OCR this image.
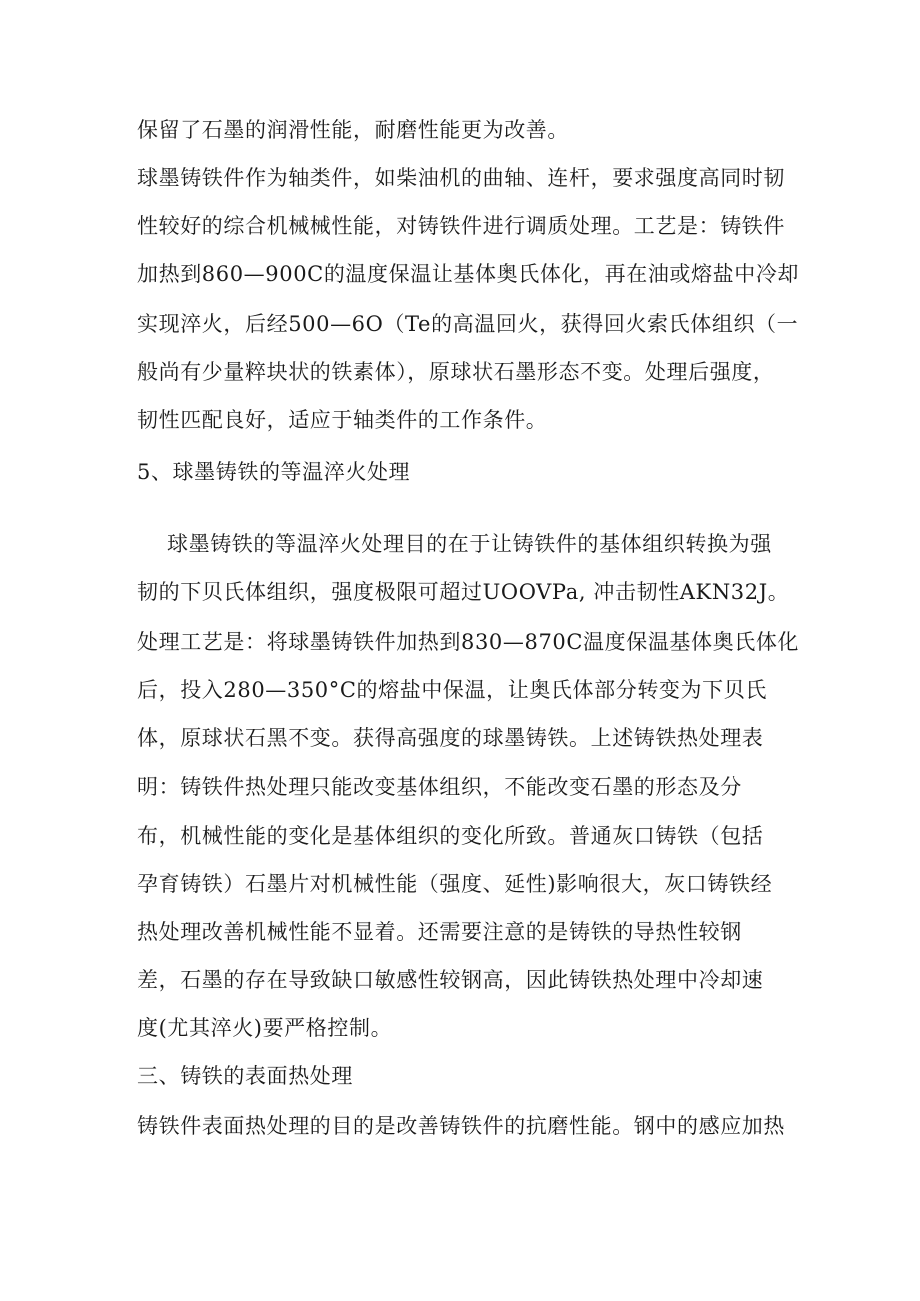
保留了石墨的润滑性能，耐磨性能更为改善。
球墨铸铁件作为轴类件，如柴油机的曲轴、连杆，要求强度高同时韧
性较好的综合机械械性能，对铸铁件进行调质处理。工艺是：铸铁件
加热到860—900C的温度保温让基体奥氏体化，再在油或熔盐中冷却
实现淬火，后经500—6O（Te的高温回火，获得回火索氏体组织（一
般尚有少量粹块状的铁素体），原球状石墨形态不变。处理后强度，
韧性匹配良好，适应于轴类件的工作条件。
5、球墨铸铁的等温淬火处理
球墨铸铁的等温淬火处理目的在于让铸铁件的基体组织转换为强
韧的下贝氏体组织，强度极限可超过UOOVPa, 冲击韧性AKN32J。
处理工艺是：将球墨铸铁件加热到830—870C温度保温基体奥氏体化
后，投入280—350°C的熔盐中保温，让奥氏体部分转变为下贝氏
体，原球状石黑不变。获得高强度的球墨铸铁。上述铸铁热处理表
明：铸铁件热处理只能改变基体组织，不能改变石墨的形态及分
布，机械性能的变化是基体组织的变化所致。普通灰口铸铁（包括
孕育铸铁）石墨片对机械性能（强度、延性)影响很大，灰口铸铁经
热处理改善机械性能不显着。还需要注意的是铸铁的导热性较钢
差，石墨的存在导致缺口敏感性较钢高，因此铸铁热处理中冷却速
度(尤其淬火)要严格控制。
三、铸铁的表面热处理
铸铁件表面热处理的目的是改善铸铁件的抗磨性能。钢中的感应加热
